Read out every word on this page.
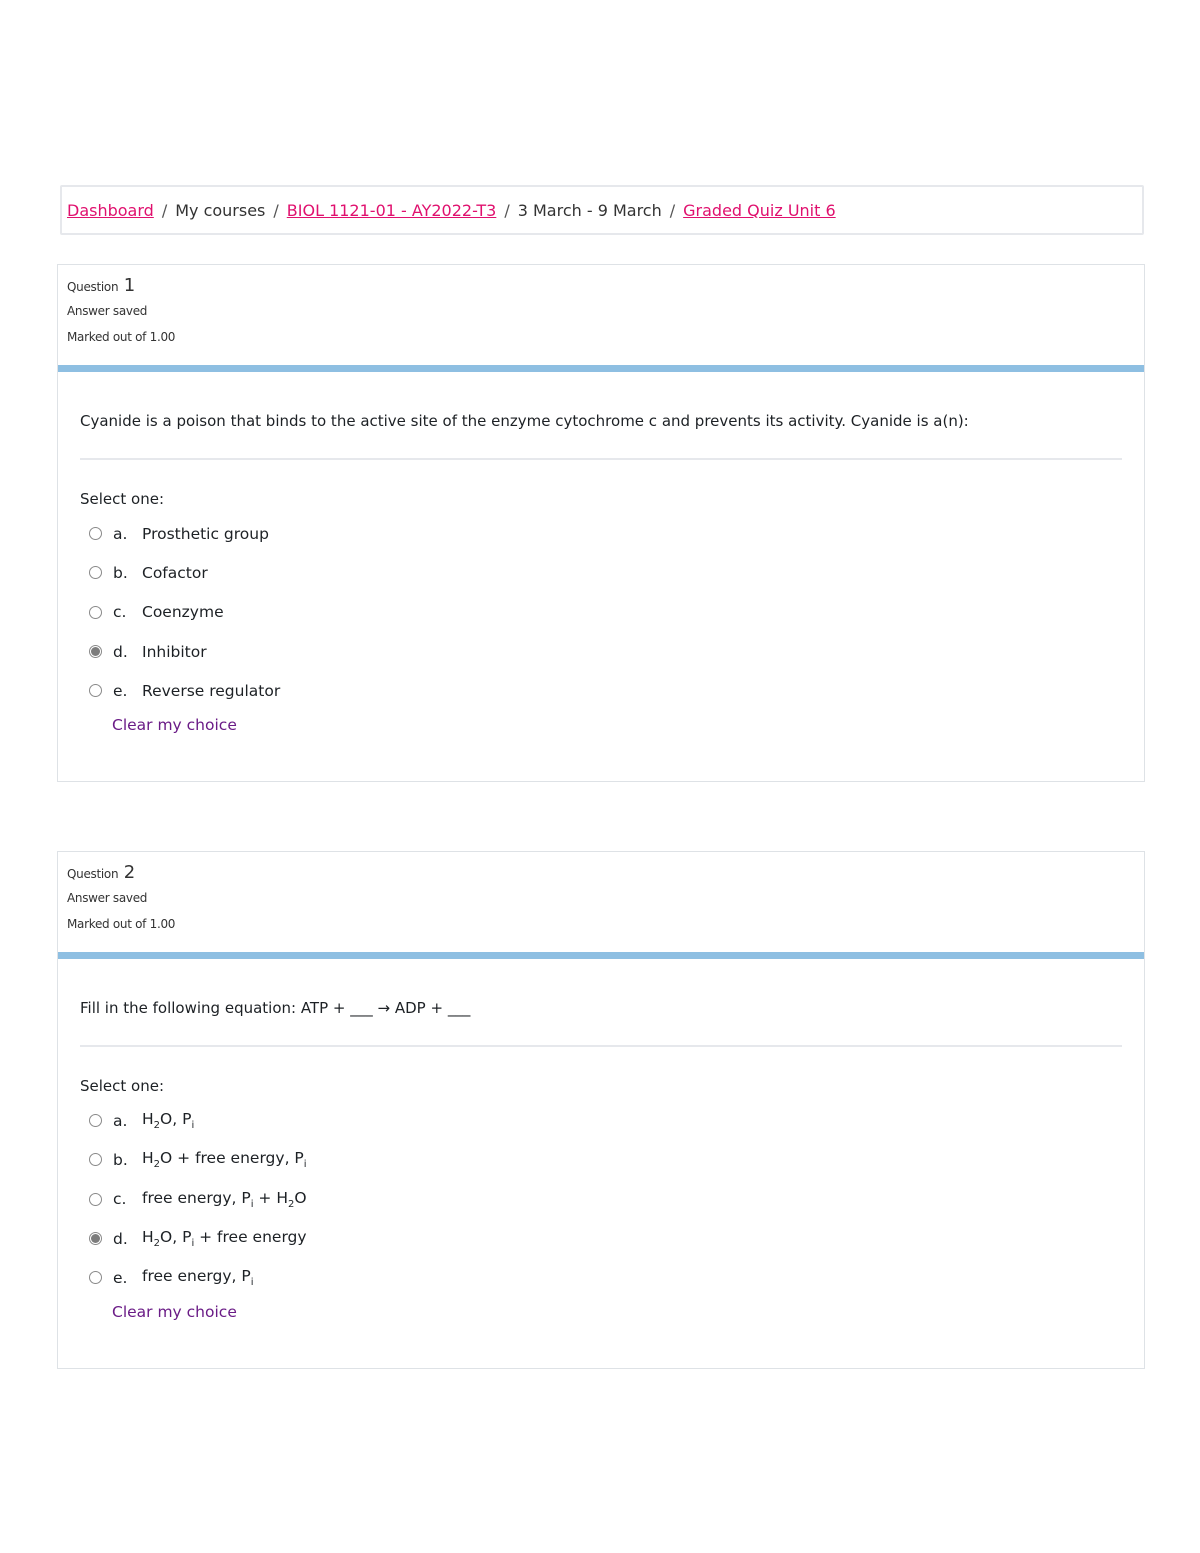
Dashboard / My courses / BIOL 1121-01 - AY2022-T3 / 3 March - 9 March / Graded Quiz Unit 6
Question 1
Answer saved
Marked out of 1.00
Cyanide is a poison that binds to the active site of the enzyme cytochrome c and prevents its activity. Cyanide is a(n):
Select one:
a. Prosthetic group
b. Cofactor
c.	Coenzyme
d. Inhibitor
e. Reverse regulator
Clear my choice
Question 2
Answer saved
Marked out of 1.00
Fill in the following equation: ATP + ___ → ADP + ___
Select one:
a. $H_2O$, $P_i$
b. $H_2O$ + free energy, $P_i$
c.	free energy, $P_i + H_2O$
d. $H_2O$, $P_i$ + free energy
e. free energy, $P_i$
Clear my choice
